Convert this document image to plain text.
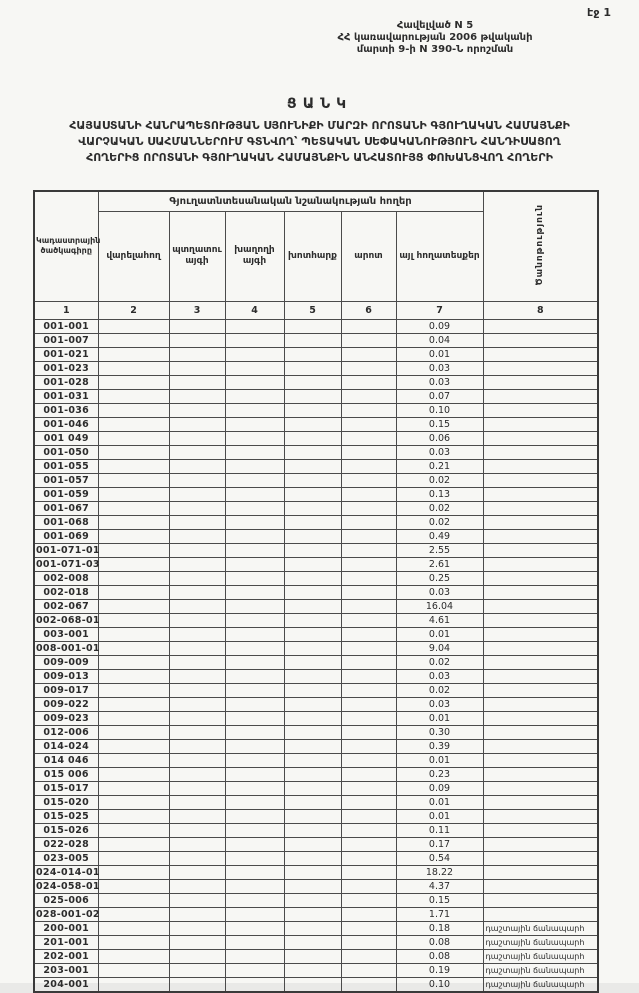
էջ 1
Հավելված N 5
ՀՀ կառավարության 2006 թվականի
մարտի 9-ի N 390-Ն որոշման
ՑԱՆԿ
ՀԱՅԱՍՏԱՆԻ ՀԱՆՐԱՊԵՏՈՒԹՅԱՆ ՍՅՈՒՆԻՔԻ ՄԱՐԶԻ ՈՐՈՏԱՆԻ ԳՅՈՒՂԱԿԱՆ ՀԱՄԱՅՆՔԻ
ՎԱՐՉԱԿԱՆ ՍԱՀՄԱՆՆԵՐՈՒՄ ԳՏՆՎՈՂ՝ ՊԵՏԱԿԱՆ ՍԵՓԱԿԱՆՈՒԹՅՈՒՆ ՀԱՆԴԻՍԱՑՈՂ
ՀՈՂԵՐԻՑ ՈՐՈՏԱՆԻ ԳՅՈՒՂԱԿԱՆ ՀԱՄԱՅՆՔԻՆ ԱՆՀԱՏՈՒՅՑ ՓՈԽԱՆՑՎՈՂ ՀՈՂԵՐԻ
Կադաստրային ծածկագիրը	Գյուղատնտեսանական նշանակության հողեր						Ծանոթություն
	վարելահող	պտղատու այգի	խաղողի այգի	խոտհարք	արոտ	այլ հողատեսքեր	
1	2	3	4	5	6	7	8
001-001						0.09	
001-007						0.04	
001-021						0.01	
001-023						0.03	
001-028						0.03	
001-031						0.07	
001-036						0.10	
001-046						0.15	
001 049						0.06	
001-050						0.03	
001-055						0.21	
001-057						0.02	
001-059						0.13	
001-067						0.02	
001-068						0.02	
001-069						0.49	
001-071-01						2.55	
001-071-03						2.61	
002-008						0.25	
002-018						0.03	
002-067						16.04	
002-068-01						4.61	
003-001						0.01	
008-001-01						9.04	
009-009						0.02	
009-013						0.03	
009-017						0.02	
009-022						0.03	
009-023						0.01	
012-006						0.30	
014-024						0.39	
014 046						0.01	
015 006						0.23	
015-017						0.09	
015-020						0.01	
015-025						0.01	
015-026						0.11	
022-028						0.17	
023-005						0.54	
024-014-01						18.22	
024-058-01						4.37	
025-006						0.15	
028-001-02						1.71	
200-001						0.18	դաշտային ճանապարհ
201-001						0.08	դաշտային ճանապարհ
202-001						0.08	դաշտային ճանապարհ
203-001						0.19	դաշտային ճանապարհ
204-001						0.10	դաշտային ճանապարհ
